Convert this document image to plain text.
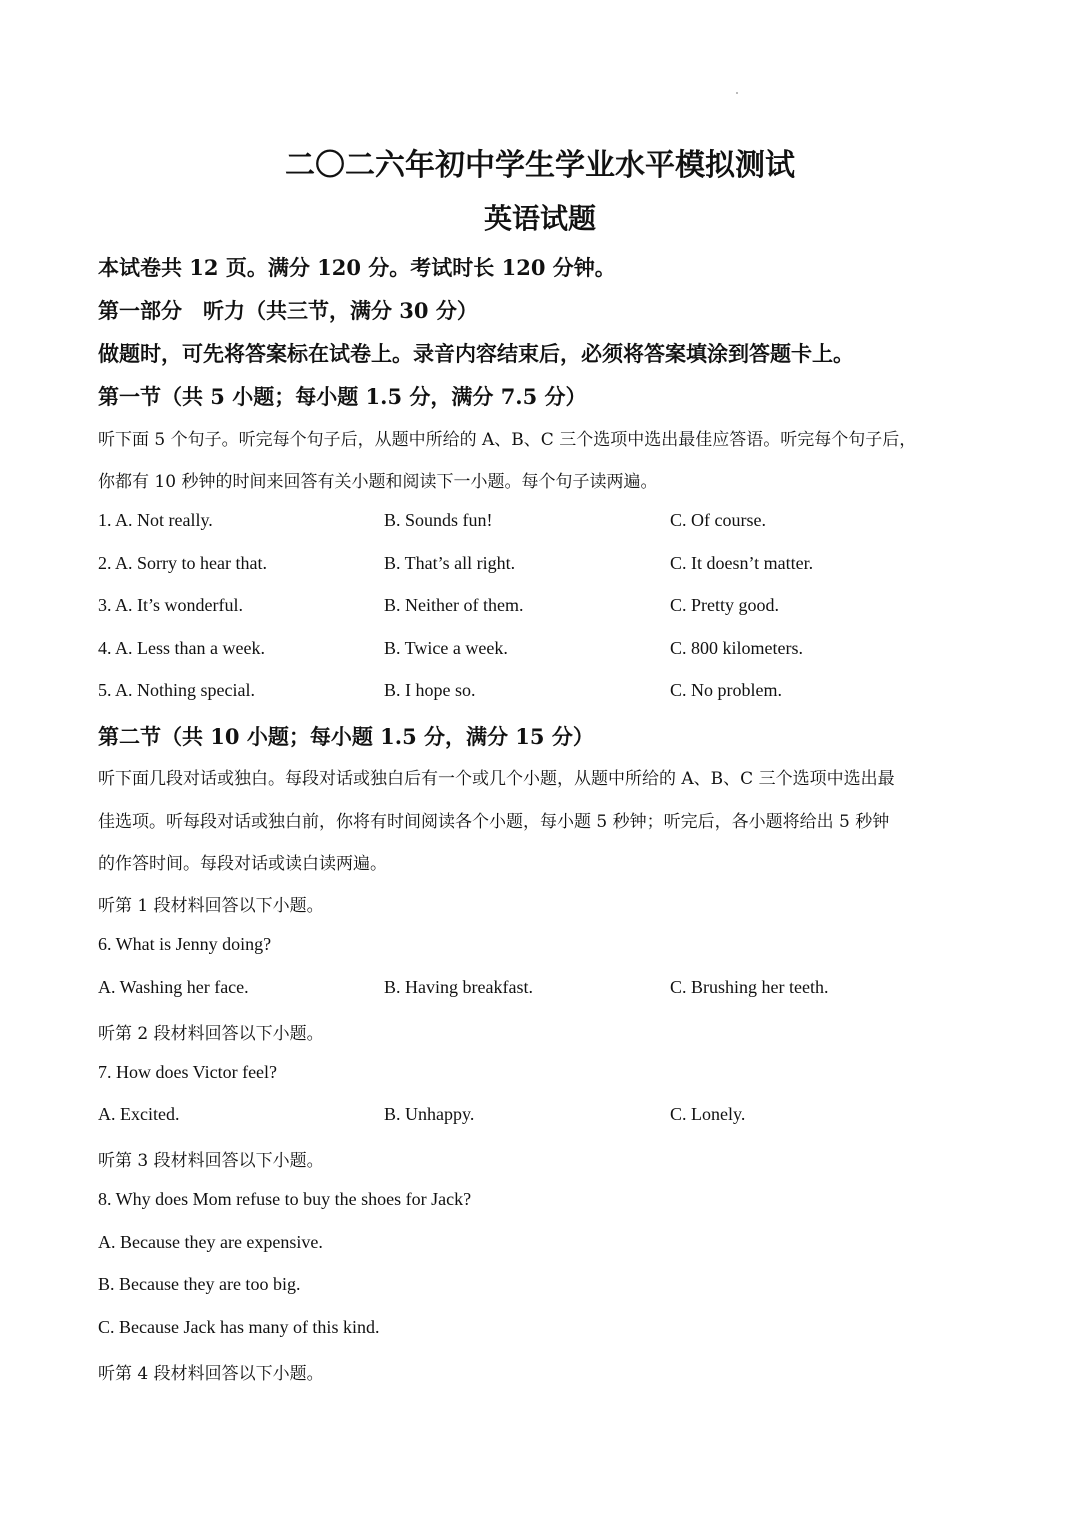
二〇二六年初中学生学业水平模拟测试
英语试题
本试卷共 12 页。满分 120 分。考试时长 120 分钟。
第一部分　听力（共三节，满分 30 分）
做题时，可先将答案标在试卷上。录音内容结束后，必须将答案填涂到答题卡上。
第一节（共 5 小题；每小题 1.5 分，满分 7.5 分）
听下面 5 个句子。听完每个句子后，从题中所给的 A、B、C 三个选项中选出最佳应答语。听完每个句子后，
你都有 10 秒钟的时间来回答有关小题和阅读下一小题。每个句子读两遍。
1. A. Not really.	B. Sounds fun!	C. Of course.
2. A. Sorry to hear that.	B. That’s all right.	C. It doesn’t matter.
3. A. It’s wonderful.	B. Neither of them.	C. Pretty good.
4. A. Less than a week.	B. Twice a week.	C. 800 kilometers.
5. A. Nothing special.	B. I hope so.	C. No problem.
第二节（共 10 小题；每小题 1.5 分，满分 15 分）
听下面几段对话或独白。每段对话或独白后有一个或几个小题，从题中所给的 A、B、C 三个选项中选出最
佳选项。听每段对话或独白前，你将有时间阅读各个小题，每小题 5 秒钟；听完后，各小题将给出 5 秒钟
的作答时间。每段对话或读白读两遍。
听第 1 段材料回答以下小题。
6. What is Jenny doing?
A. Washing her face.	B. Having breakfast.	C. Brushing her teeth.
听第 2 段材料回答以下小题。
7. How does Victor feel?
A. Excited.	B. Unhappy.	C. Lonely.
听第 3 段材料回答以下小题。
8. Why does Mom refuse to buy the shoes for Jack?
A. Because they are expensive.
B. Because they are too big.
C. Because Jack has many of this kind.
听第 4 段材料回答以下小题。
